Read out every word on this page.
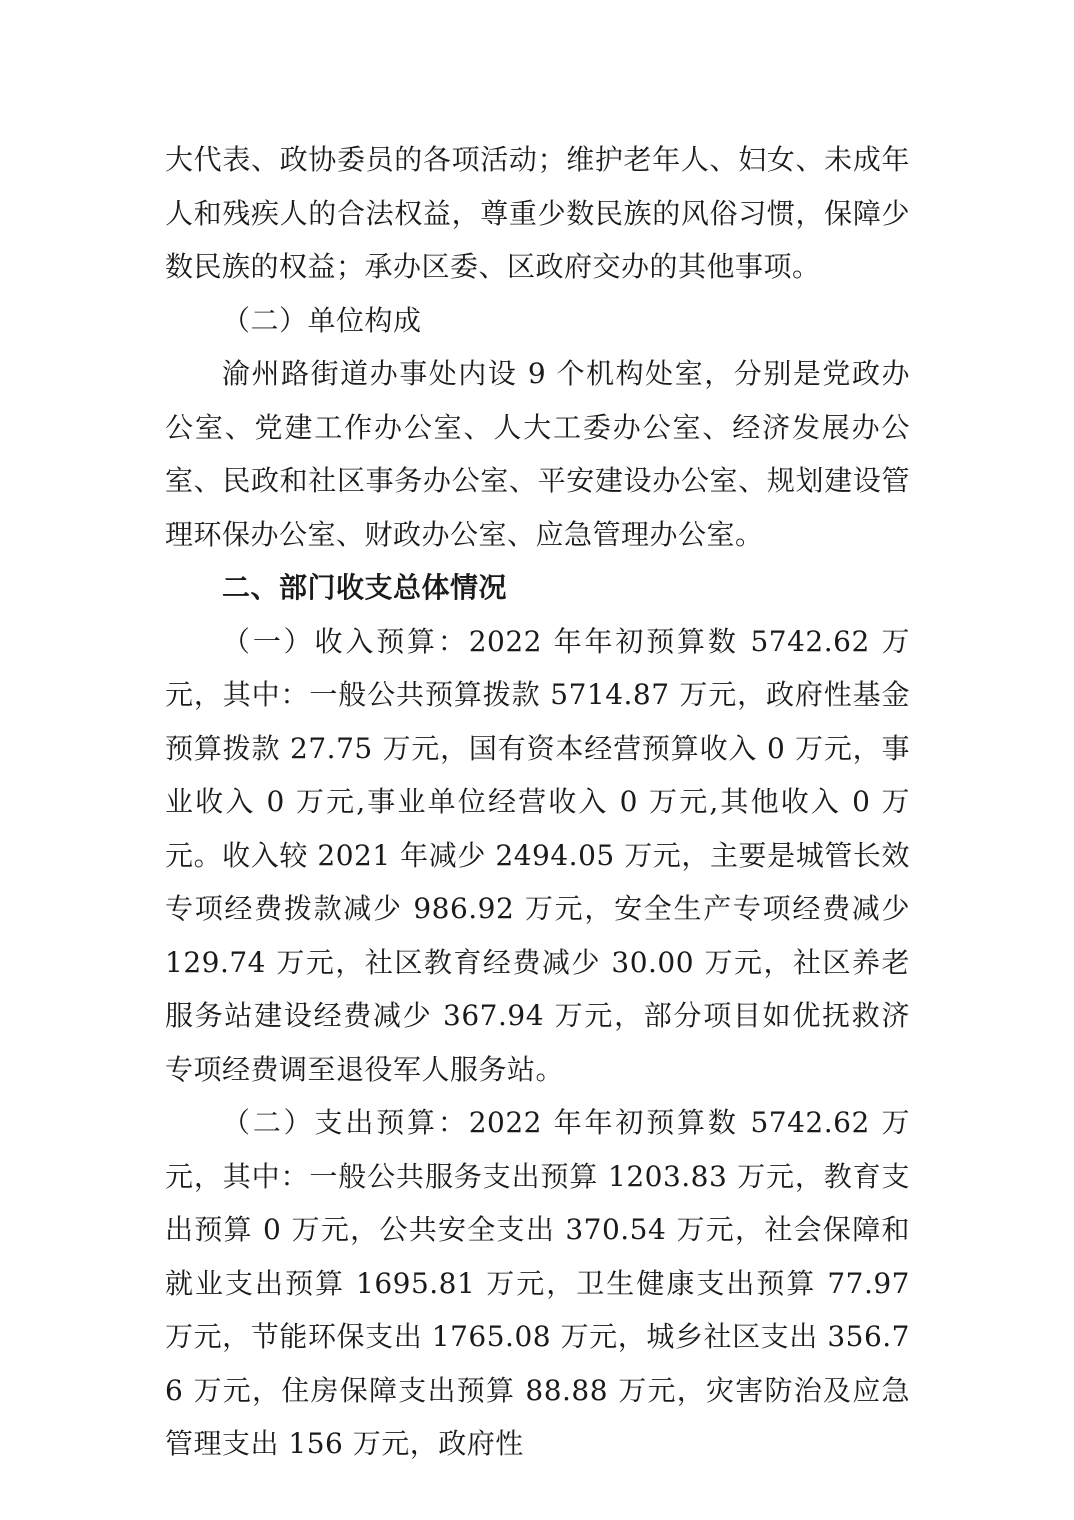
大代表、政协委员的各项活动；维护老年人、妇女、未成年人和残疾人的合法权益，尊重少数民族的风俗习惯，保障少数民族的权益；承办区委、区政府交办的其他事项。

（二）单位构成

渝州路街道办事处内设 9 个机构处室，分别是党政办公室、党建工作办公室、人大工委办公室、经济发展办公室、民政和社区事务办公室、平安建设办公室、规划建设管理环保办公室、财政办公室、应急管理办公室。

二、部门收支总体情况

（一）收入预算：2022 年年初预算数 5742.62 万元，其中：一般公共预算拨款 5714.87 万元，政府性基金预算拨款 27.75 万元，国有资本经营预算收入 0 万元，事业收入 0 万元,事业单位经营收入 0 万元,其他收入 0 万元。收入较 2021 年减少 2494.05 万元，主要是城管长效专项经费拨款减少 986.92 万元，安全生产专项经费减少 129.74 万元，社区教育经费减少 30.00 万元，社区养老服务站建设经费减少 367.94 万元，部分项目如优抚救济专项经费调至退役军人服务站。

（二）支出预算：2022 年年初预算数 5742.62 万元，其中：一般公共服务支出预算 1203.83 万元，教育支出预算 0 万元，公共安全支出 370.54 万元，社会保障和就业支出预算 1695.81 万元，卫生健康支出预算 77.97 万元，节能环保支出 1765.08 万元，城乡社区支出 356.76 万元，住房保障支出预算 88.88 万元，灾害防治及应急管理支出 156 万元，政府性
